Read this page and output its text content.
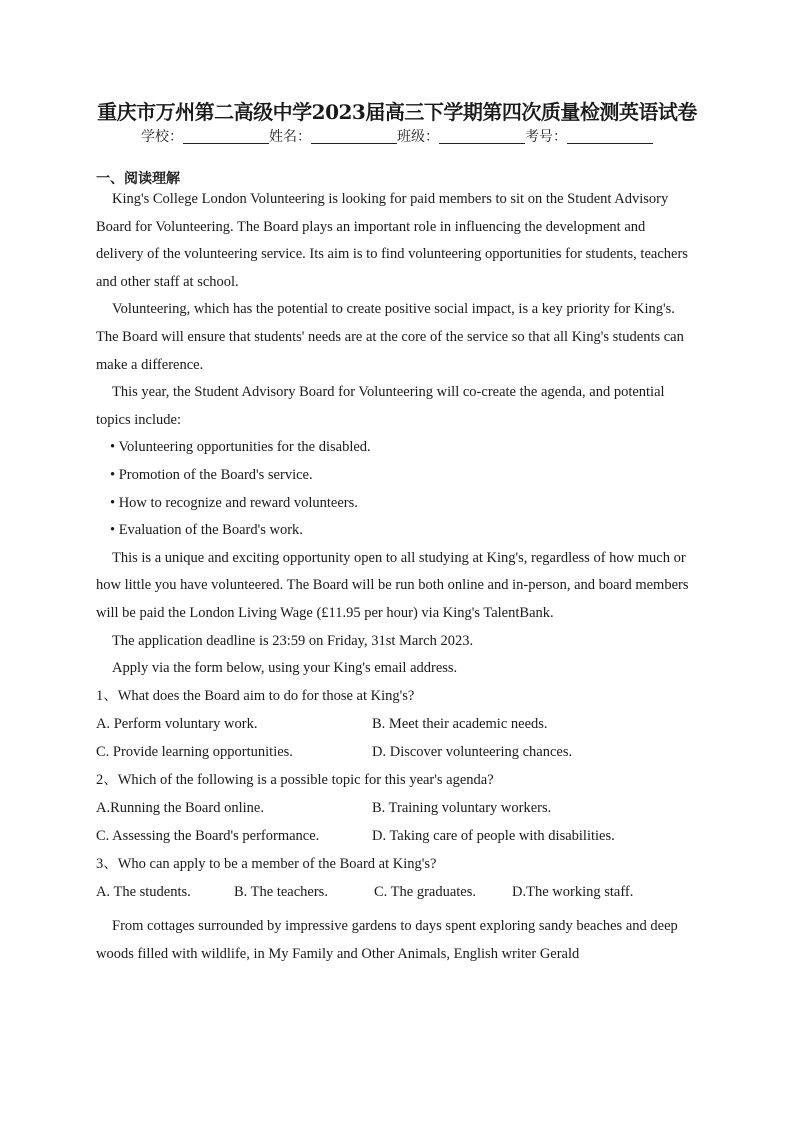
重庆市万州第二高级中学2023届高三下学期第四次质量检测英语试卷
学校：	姓名：	班级：	考号：
一、阅读理解

King's College London Volunteering is looking for paid members to sit on the Student Advisory Board for Volunteering. The Board plays an important role in influencing the development and delivery of the volunteering service. Its aim is to find volunteering opportunities for students, teachers and other staff at school.

Volunteering, which has the potential to create positive social impact, is a key priority for King's. The Board will ensure that students' needs are at the core of the service so that all King's students can make a difference.

This year, the Student Advisory Board for Volunteering will co-create the agenda, and potential topics include:

• Volunteering opportunities for the disabled.

• Promotion of the Board's service.

• How to recognize and reward volunteers.

• Evaluation of the Board's work.

This is a unique and exciting opportunity open to all studying at King's, regardless of how much or how little you have volunteered. The Board will be run both online and in-person, and board members will be paid the London Living Wage (£11.95 per hour) via King's TalentBank.

The application deadline is 23:59 on Friday, 31st March 2023.

Apply via the form below, using your King's email address.

1、What does the Board aim to do for those at King's?

A. Perform voluntary work.	B. Meet their academic needs.
C. Provide learning opportunities.	D. Discover volunteering chances.

2、Which of the following is a possible topic for this year's agenda?

A.Running the Board online.	B. Training voluntary workers.
C. Assessing the Board's performance.	D. Taking care of people with disabilities.

3、Who can apply to be a member of the Board at King's?

A. The students.	B. The teachers.	C. The graduates.	D.The working staff.

From cottages surrounded by impressive gardens to days spent exploring sandy beaches and deep woods filled with wildlife, in My Family and Other Animals, English writer Gerald
